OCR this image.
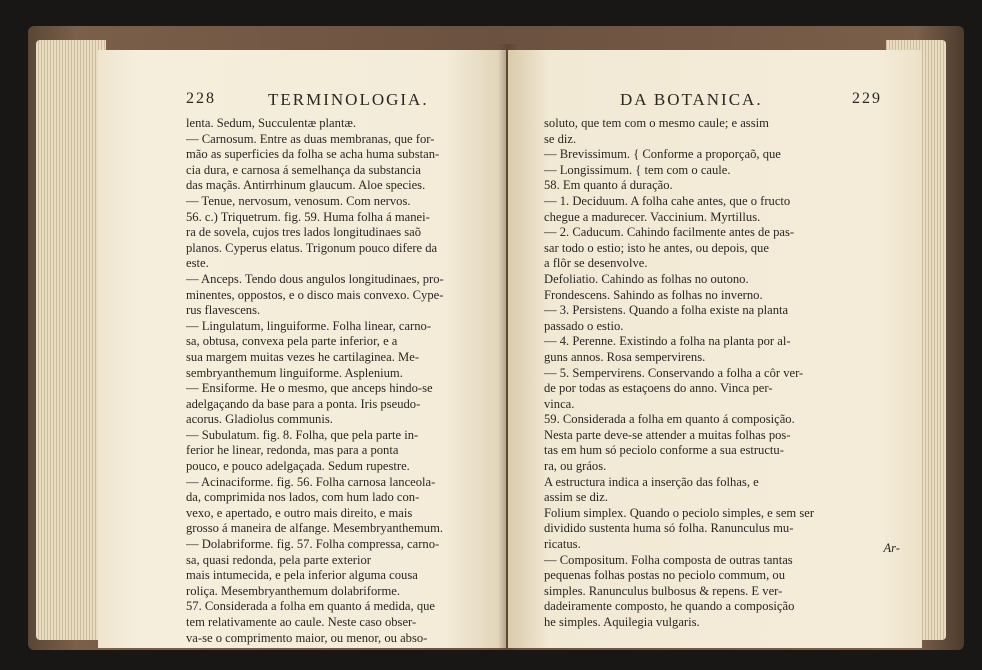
228	TERMINOLOGIA.
lenta. Sedum, Succulentæ plantæ.
— Carnosum. Entre as duas membranas, que for-
mão as superficies da folha se acha huma substan-
cia dura, e carnosa á semelhança da substancia
das maçãs. Antirrhinum glaucum. Aloe species.
— Tenue, nervosum, venosum. Com nervos.
56. c.) Triquetrum. fig. 59. Huma folha á manei-
ra de sovela, cujos tres lados longitudinaes saõ
planos. Cyperus elatus. Trigonum pouco difere da
este.
— Anceps. Tendo dous angulos longitudinaes, pro-
minentes, oppostos, e o disco mais convexo. Cype-
rus flavescens.
— Lingulatum, linguiforme. Folha linear, carno-
sa, obtusa, convexa pela parte inferior, e a
sua margem muitas vezes he cartilaginea. Me-
sembryanthemum linguiforme. Asplenium.
— Ensiforme. He o mesmo, que anceps hindo-se
adelgaçando da base para a ponta. Iris pseudo-
acorus. Gladiolus communis.
— Subulatum. fig. 8. Folha, que pela parte in-
ferior he linear, redonda, mas para a ponta
pouco, e pouco adelgaçada. Sedum rupestre.
— Acinaciforme. fig. 56. Folha carnosa lanceola-
da, comprimida nos lados, com hum lado con-
vexo, e apertado, e outro mais direito, e mais
grosso á maneira de alfange. Mesembryanthemum.
— Dolabriforme. fig. 57. Folha compressa, carno-
sa, quasi redonda, pela parte exterior
mais intumecida, e pela inferior alguma cousa
roliça. Mesembryanthemum dolabriforme.
57. Considerada a folha em quanto á medida, que
tem relativamente ao caule. Neste caso obser-
va-se o comprimento maior, ou menor, ou abso-
DA BOTANICA.	229
soluto, que tem com o mesmo caule; e assim
se diz.
— Brevissimum. { Conforme a proporçaõ, que
— Longissimum. { tem com o caule.
58. Em quanto á duração.
— 1. Deciduum. A folha cahe antes, que o fructo
chegue a madurecer. Vaccinium. Myrtillus.
— 2. Caducum. Cahindo facilmente antes de pas-
sar todo o estio; isto he antes, ou depois, que
a flôr se desenvolve.
Defoliatio. Cahindo as folhas no outono.
Frondescens. Sahindo as folhas no inverno.
— 3. Persistens. Quando a folha existe na planta
passado o estio.
— 4. Perenne. Existindo a folha na planta por al-
guns annos. Rosa sempervirens.
— 5. Sempervirens. Conservando a folha a côr ver-
de por todas as estaçoens do anno. Vinca per-
vinca.
59. Considerada a folha em quanto á composição.
Nesta parte deve-se attender a muitas folhas pos-
tas em hum só peciolo conforme a sua estructu-
ra, ou gráos.
A estructura indica a inserção das folhas, e
assim se diz.
Folium simplex. Quando o peciolo simples, e sem ser
dividido sustenta huma só folha. Ranunculus mu-
ricatus.
— Compositum. Folha composta de outras tantas
pequenas folhas postas no peciolo commum, ou
simples. Ranunculus bulbosus & repens. E ver-
dadeiramente composto, he quando a composição
he simples. Aquilegia vulgaris.
Ar-
